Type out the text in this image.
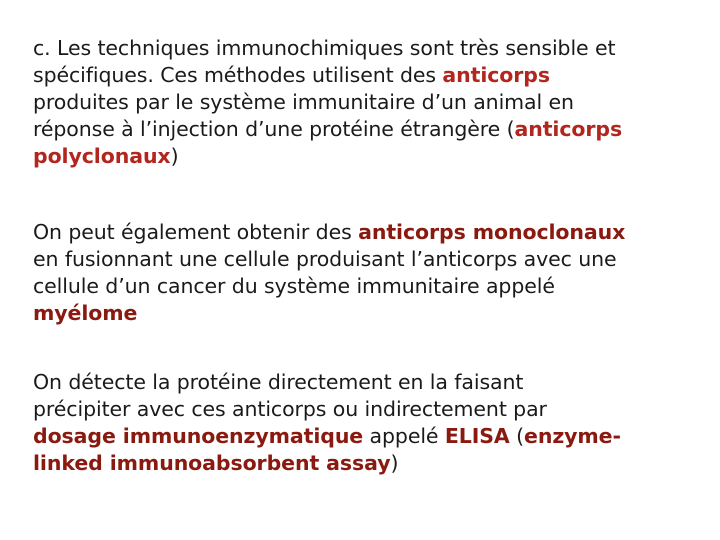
c. Les techniques immunochimiques sont très sensible et
spécifiques. Ces méthodes utilisent des anticorps
produites par le système immunitaire d’un animal en
réponse à l’injection d’une protéine étrangère (anticorps
polyclonaux)

On peut également obtenir des anticorps monoclonaux
en fusionnant une cellule produisant l’anticorps avec une
cellule d’un cancer du système immunitaire appelé
myélome

On détecte la protéine directement en la faisant
précipiter avec ces anticorps ou indirectement par
dosage immunoenzymatique appelé ELISA (enzyme-
linked immunoabsorbent assay)
